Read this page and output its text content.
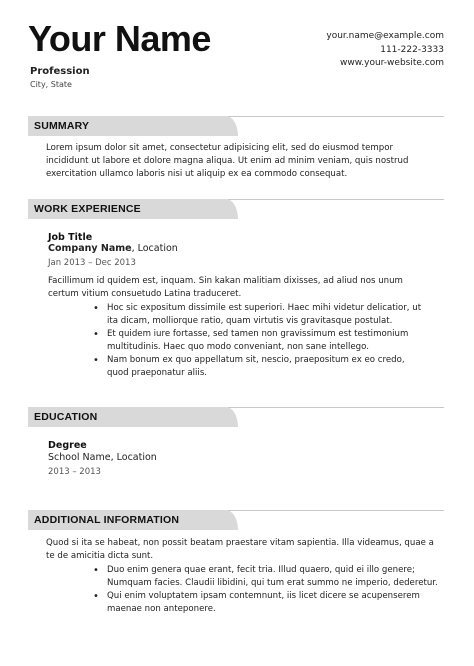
Your Name
Profession
City, State
your.name@example.com
111-222-3333
www.your-website.com
SUMMARY
Lorem ipsum dolor sit amet, consectetur adipisicing elit, sed do eiusmod tempor incididunt ut labore et dolore magna aliqua. Ut enim ad minim veniam, quis nostrud exercitation ullamco laboris nisi ut aliquip ex ea commodo consequat.
WORK EXPERIENCE
Job Title
Company Name, Location
Jan 2013 – Dec 2013
Facillimum id quidem est, inquam. Sin kakan malitiam dixisses, ad aliud nos unum certum vitium consuetudo Latina traduceret.
• Hoc sic expositum dissimile est superiori. Haec mihi videtur delicatior, ut ita dicam, molliorque ratio, quam virtutis vis gravitasque postulat.
• Et quidem iure fortasse, sed tamen non gravissimum est testimonium multitudinis. Haec quo modo conveniant, non sane intellego.
• Nam bonum ex quo appellatum sit, nescio, praepositum ex eo credo, quod praeponatur aliis.
EDUCATION
Degree
School Name, Location
2013 – 2013
ADDITIONAL INFORMATION
Quod si ita se habeat, non possit beatam praestare vitam sapientia. Illa videamus, quae a te de amicitia dicta sunt.
• Duo enim genera quae erant, fecit tria. Illud quaero, quid ei illo genere; Numquam facies. Claudii libidini, qui tum erat summo ne imperio, dederetur.
• Qui enim voluptatem ipsam contemnunt, iis licet dicere se acupenserem maenae non anteponere.
